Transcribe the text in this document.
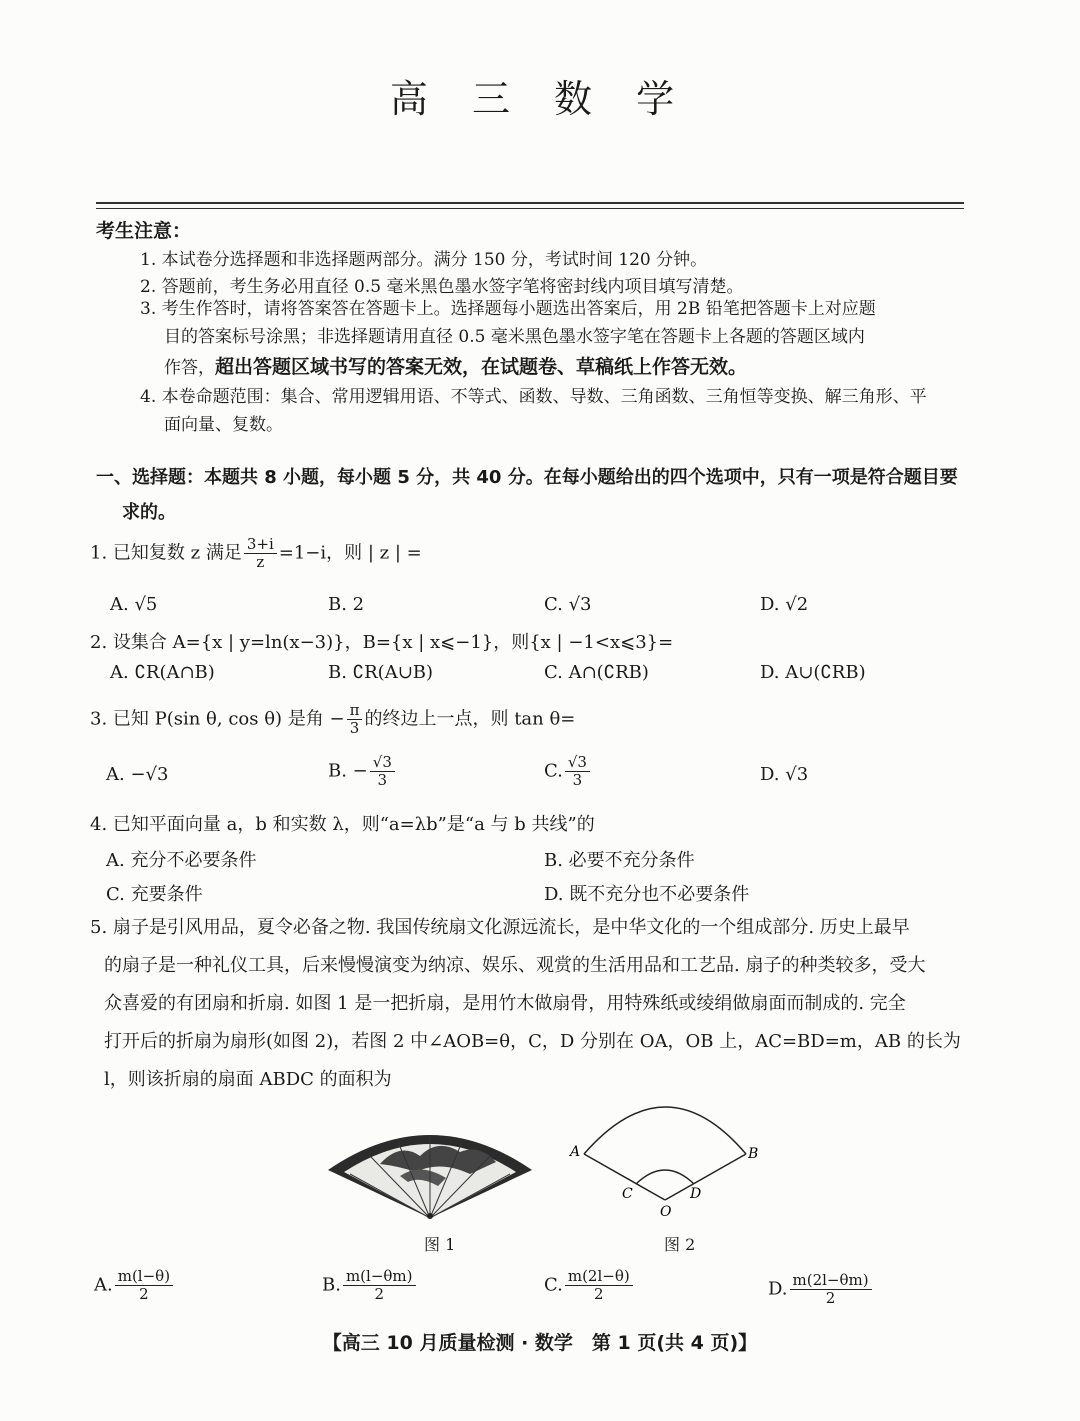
高 三 数 学
考生注意：
1. 本试卷分选择题和非选择题两部分。满分 150 分，考试时间 120 分钟。
2. 答题前，考生务必用直径 0.5 毫米黑色墨水签字笔将密封线内项目填写清楚。
3. 考生作答时，请将答案答在答题卡上。选择题每小题选出答案后，用 2B 铅笔把答题卡上对应题
目的答案标号涂黑；非选择题请用直径 0.5 毫米黑色墨水签字笔在答题卡上各题的答题区域内
作答，超出答题区域书写的答案无效，在试题卷、草稿纸上作答无效。
4. 本卷命题范围：集合、常用逻辑用语、不等式、函数、导数、三角函数、三角恒等变换、解三角形、平
面向量、复数。
一、选择题：本题共 8 小题，每小题 5 分，共 40 分。在每小题给出的四个选项中，只有一项是符合题目要
求的。
1. 已知复数 z 满足 $\frac{3+i}{z} =1-i$，则 | z | =
A. √5	B. 2	C. √3	D. √2
2. 设集合 A={x | y=ln(x−3)}，B={x | x⩽−1}，则{x | −1<x⩽3}=
A. ∁R(A∩B)	B. ∁R(A∪B)	C. A∩(∁RB)	D. A∪(∁RB)
3. 已知 P(sin θ, cos θ) 是角 − $\frac{\pi}{3}$ 的终边上一点，则 tan θ=
A. −√3	B. − $\frac{√3}{3}$	C. $\frac{√3}{3}$	D. √3
4. 已知平面向量 a，b 和实数 λ，则“a=λb”是“a 与 b 共线”的
A. 充分不必要条件	B. 必要不充分条件
C. 充要条件	D. 既不充分也不必要条件
5. 扇子是引风用品，夏令必备之物. 我国传统扇文化源远流长，是中华文化的一个组成部分. 历史上最早
的扇子是一种礼仪工具，后来慢慢演变为纳凉、娱乐、观赏的生活用品和工艺品. 扇子的种类较多，受大
众喜爱的有团扇和折扇. 如图 1 是一把折扇，是用竹木做扇骨，用特殊纸或绫绢做扇面而制成的. 完全
打开后的折扇为扇形(如图 2)，若图 2 中∠AOB=θ，C，D 分别在 OA，OB 上，AC=BD=m，AB 的长为
l，则该折扇的扇面 ABDC 的面积为
图 1
A	B
C	D
O
图 2
A. $\frac{m(l-\theta)}{2}$	B. $\frac{m(l-\theta m)}{2}$	C. $\frac{m(2l-\theta)}{2}$	D. $\frac{m(2l-\theta m)}{2}$
【高三 10 月质量检测 · 数学　第 1 页(共 4 页)】
